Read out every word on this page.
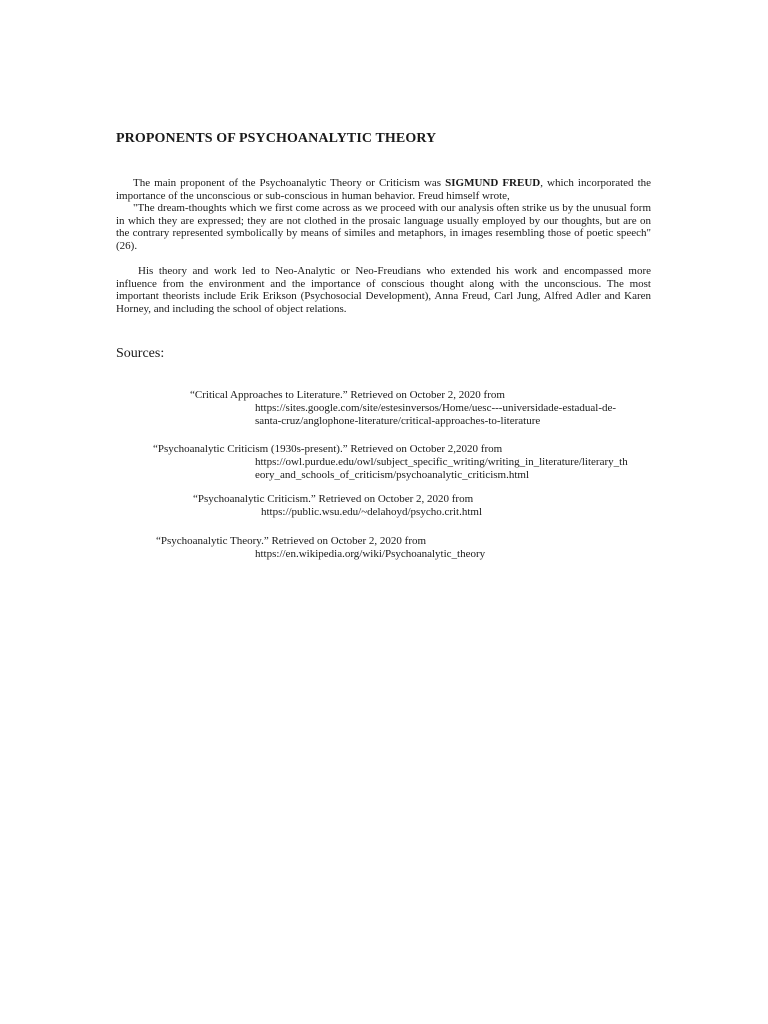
PROPONENTS OF PSYCHOANALYTIC THEORY

The main proponent of the Psychoanalytic Theory or Criticism was SIGMUND FREUD, which incorporated the importance of the unconscious or sub-conscious in human behavior. Freud himself wrote,

"The dream-thoughts which we first come across as we proceed with our analysis often strike us by the unusual form in which they are expressed; they are not clothed in the prosaic language usually employed by our thoughts, but are on the contrary represented symbolically by means of similes and metaphors, in images resembling those of poetic speech" (26).

His theory and work led to Neo-Analytic or Neo-Freudians who extended his work and encompassed more influence from the environment and the importance of conscious thought along with the unconscious. The most important theorists include Erik Erikson (Psychosocial Development), Anna Freud, Carl Jung, Alfred Adler and Karen Horney, and including the school of object relations.

Sources:
“Critical Approaches to Literature.” Retrieved on October 2, 2020 from
https://sites.google.com/site/estesinversos/Home/uesc---universidade-estadual-de-
santa-cruz/anglophone-literature/critical-approaches-to-literature
“Psychoanalytic Criticism (1930s-present).” Retrieved on October 2,2020 from
https://owl.purdue.edu/owl/subject_specific_writing/writing_in_literature/literary_th
eory_and_schools_of_criticism/psychoanalytic_criticism.html
“Psychoanalytic Criticism.” Retrieved on October 2, 2020 from
https://public.wsu.edu/~delahoyd/psycho.crit.html
“Psychoanalytic Theory.” Retrieved on October 2, 2020 from
https://en.wikipedia.org/wiki/Psychoanalytic_theory
